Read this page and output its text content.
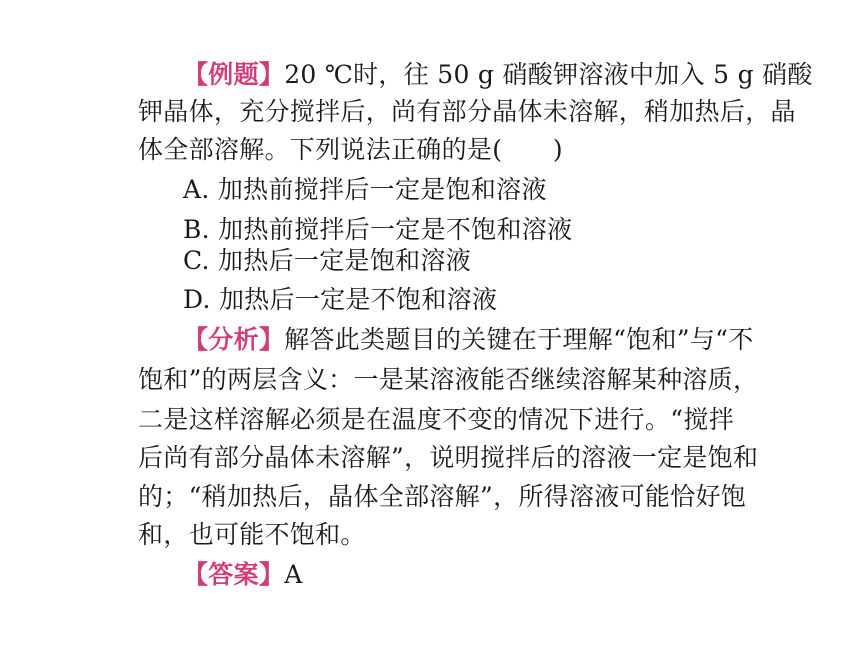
【例题】20 ℃时，往 50 g 硝酸钾溶液中加入 5 g 硝酸
钾晶体，充分搅拌后，尚有部分晶体未溶解，稍加热后，晶
体全部溶解。下列说法正确的是(　　)
A. 加热前搅拌后一定是饱和溶液
B. 加热前搅拌后一定是不饱和溶液
C. 加热后一定是饱和溶液
D. 加热后一定是不饱和溶液
【分析】解答此类题目的关键在于理解“饱和”与“不
饱和”的两层含义：一是某溶液能否继续溶解某种溶质，
二是这样溶解必须是在温度不变的情况下进行。“搅拌
后尚有部分晶体未溶解”，说明搅拌后的溶液一定是饱和
的；“稍加热后，晶体全部溶解”，所得溶液可能恰好饱
和，也可能不饱和。
【答案】A
